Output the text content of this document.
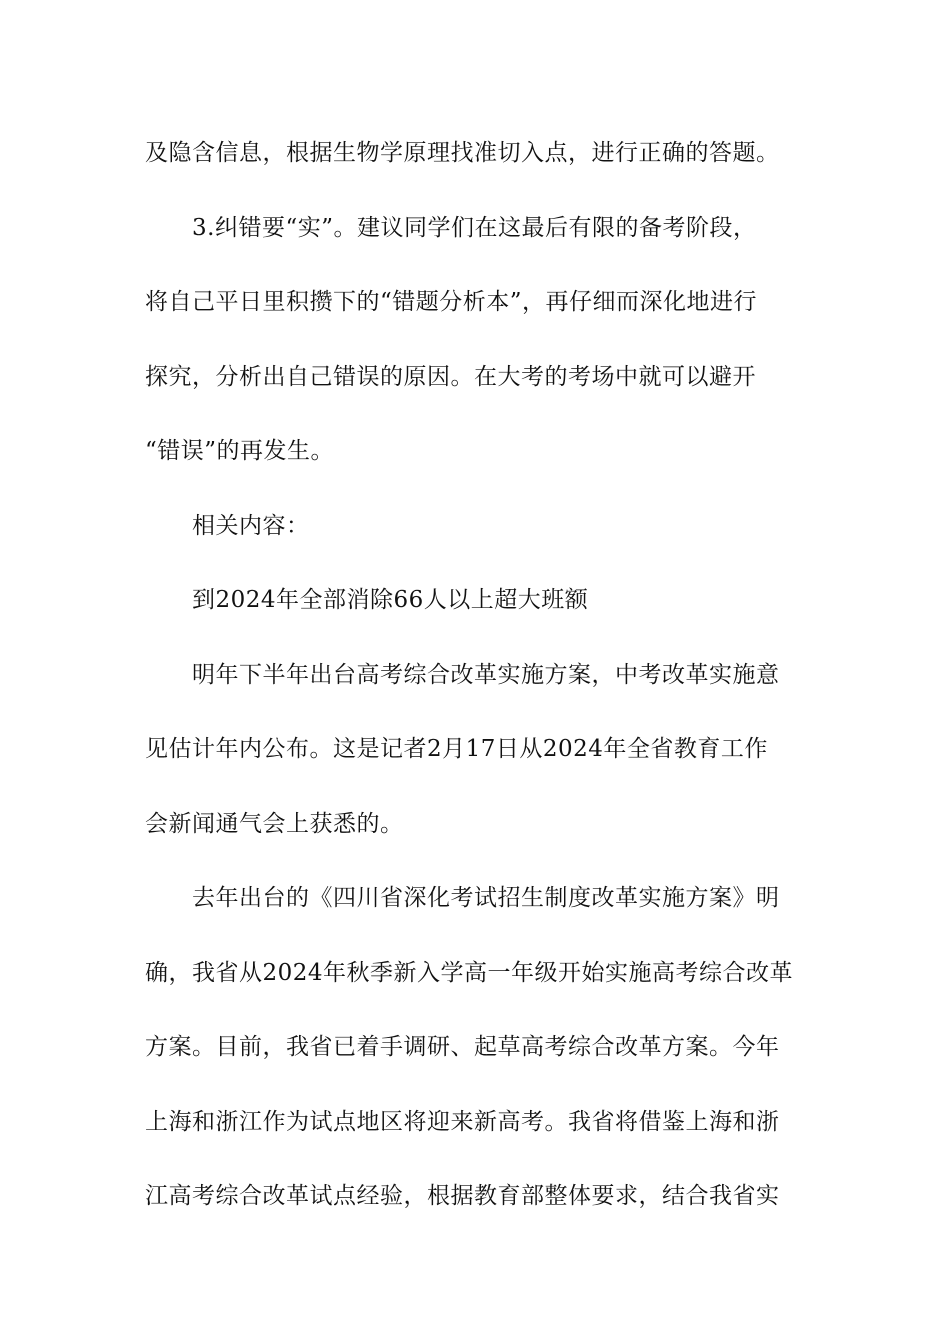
及隐含信息，根据生物学原理找准切入点，进行正确的答题。
3.纠错要“实”。建议同学们在这最后有限的备考阶段，
将自己平日里积攒下的“错题分析本”，再仔细而深化地进行
探究，分析出自己错误的原因。在大考的考场中就可以避开
“错误”的再发生。
相关内容：
到2024年全部消除66人以上超大班额
明年下半年出台高考综合改革实施方案，中考改革实施意
见估计年内公布。这是记者2月17日从2024年全省教育工作
会新闻通气会上获悉的。
去年出台的《四川省深化考试招生制度改革实施方案》明
确，我省从2024年秋季新入学高一年级开始实施高考综合改革
方案。目前，我省已着手调研、起草高考综合改革方案。今年
上海和浙江作为试点地区将迎来新高考。我省将借鉴上海和浙
江高考综合改革试点经验，根据教育部整体要求，结合我省实
